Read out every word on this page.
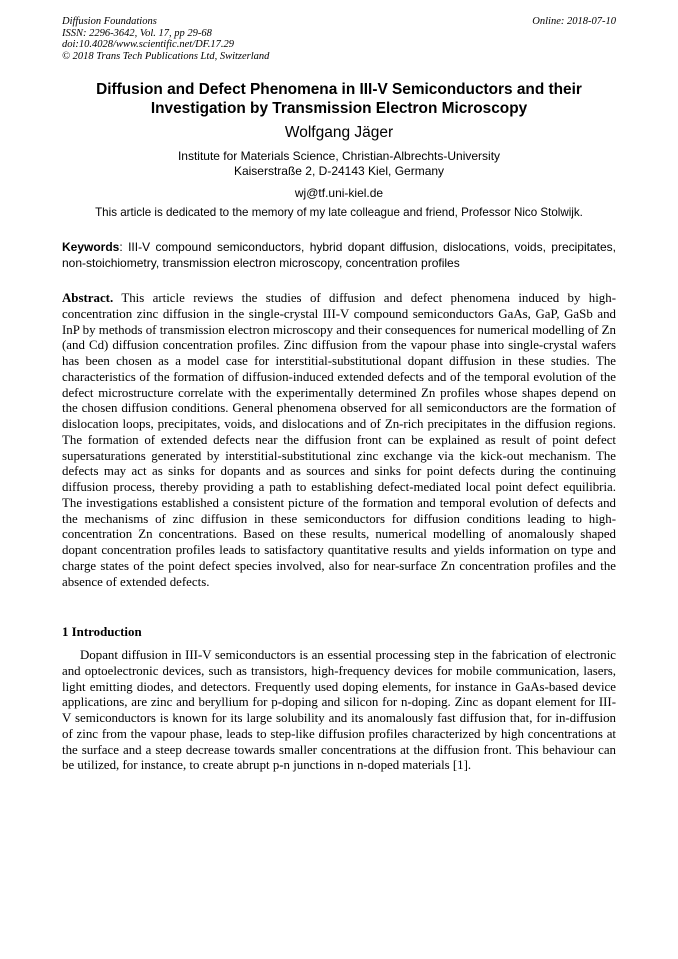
Diffusion Foundations

ISSN: 2296-3642, Vol. 17, pp 29-68

doi:10.4028/www.scientific.net/DF.17.29

© 2018 Trans Tech Publications Ltd, Switzerland

Online: 2018-07-10

Diffusion and Defect Phenomena in III-V Semiconductors and their Investigation by Transmission Electron Microscopy

Wolfgang Jäger

Institute for Materials Science, Christian-Albrechts-University
Kaiserstraße 2, D-24143 Kiel, Germany

wj@tf.uni-kiel.de

This article is dedicated to the memory of my late colleague and friend, Professor Nico Stolwijk.

Keywords: III-V compound semiconductors, hybrid dopant diffusion, dislocations, voids, precipitates, non-stoichiometry, transmission electron microscopy, concentration profiles

Abstract. This article reviews the studies of diffusion and defect phenomena induced by high-concentration zinc diffusion in the single-crystal III-V compound semiconductors GaAs, GaP, GaSb and InP by methods of transmission electron microscopy and their consequences for numerical modelling of Zn (and Cd) diffusion concentration profiles. Zinc diffusion from the vapour phase into single-crystal wafers has been chosen as a model case for interstitial-substitutional dopant diffusion in these studies. The characteristics of the formation of diffusion-induced extended defects and of the temporal evolution of the defect microstructure correlate with the experimentally determined Zn profiles whose shapes depend on the chosen diffusion conditions. General phenomena observed for all semiconductors are the formation of dislocation loops, precipitates, voids, and dislocations and of Zn-rich precipitates in the diffusion regions. The formation of extended defects near the diffusion front can be explained as result of point defect supersaturations generated by interstitial-substitutional zinc exchange via the kick-out mechanism. The defects may act as sinks for dopants and as sources and sinks for point defects during the continuing diffusion process, thereby providing a path to establishing defect-mediated local point defect equilibria. The investigations established a consistent picture of the formation and temporal evolution of defects and the mechanisms of zinc diffusion in these semiconductors for diffusion conditions leading to high-concentration Zn concentrations. Based on these results, numerical modelling of anomalously shaped dopant concentration profiles leads to satisfactory quantitative results and yields information on type and charge states of the point defect species involved, also for near-surface Zn concentration profiles and the absence of extended defects.

1 Introduction

Dopant diffusion in III-V semiconductors is an essential processing step in the fabrication of electronic and optoelectronic devices, such as transistors, high-frequency devices for mobile communication, lasers, light emitting diodes, and detectors. Frequently used doping elements, for instance in GaAs-based device applications, are zinc and beryllium for p-doping and silicon for n-doping. Zinc as dopant element for III-V semiconductors is known for its large solubility and its anomalously fast diffusion that, for in-diffusion of zinc from the vapour phase, leads to step-like diffusion profiles characterized by high concentrations at the surface and a steep decrease towards smaller concentrations at the diffusion front. This behaviour can be utilized, for instance, to create abrupt p-n junctions in n-doped materials [1].
